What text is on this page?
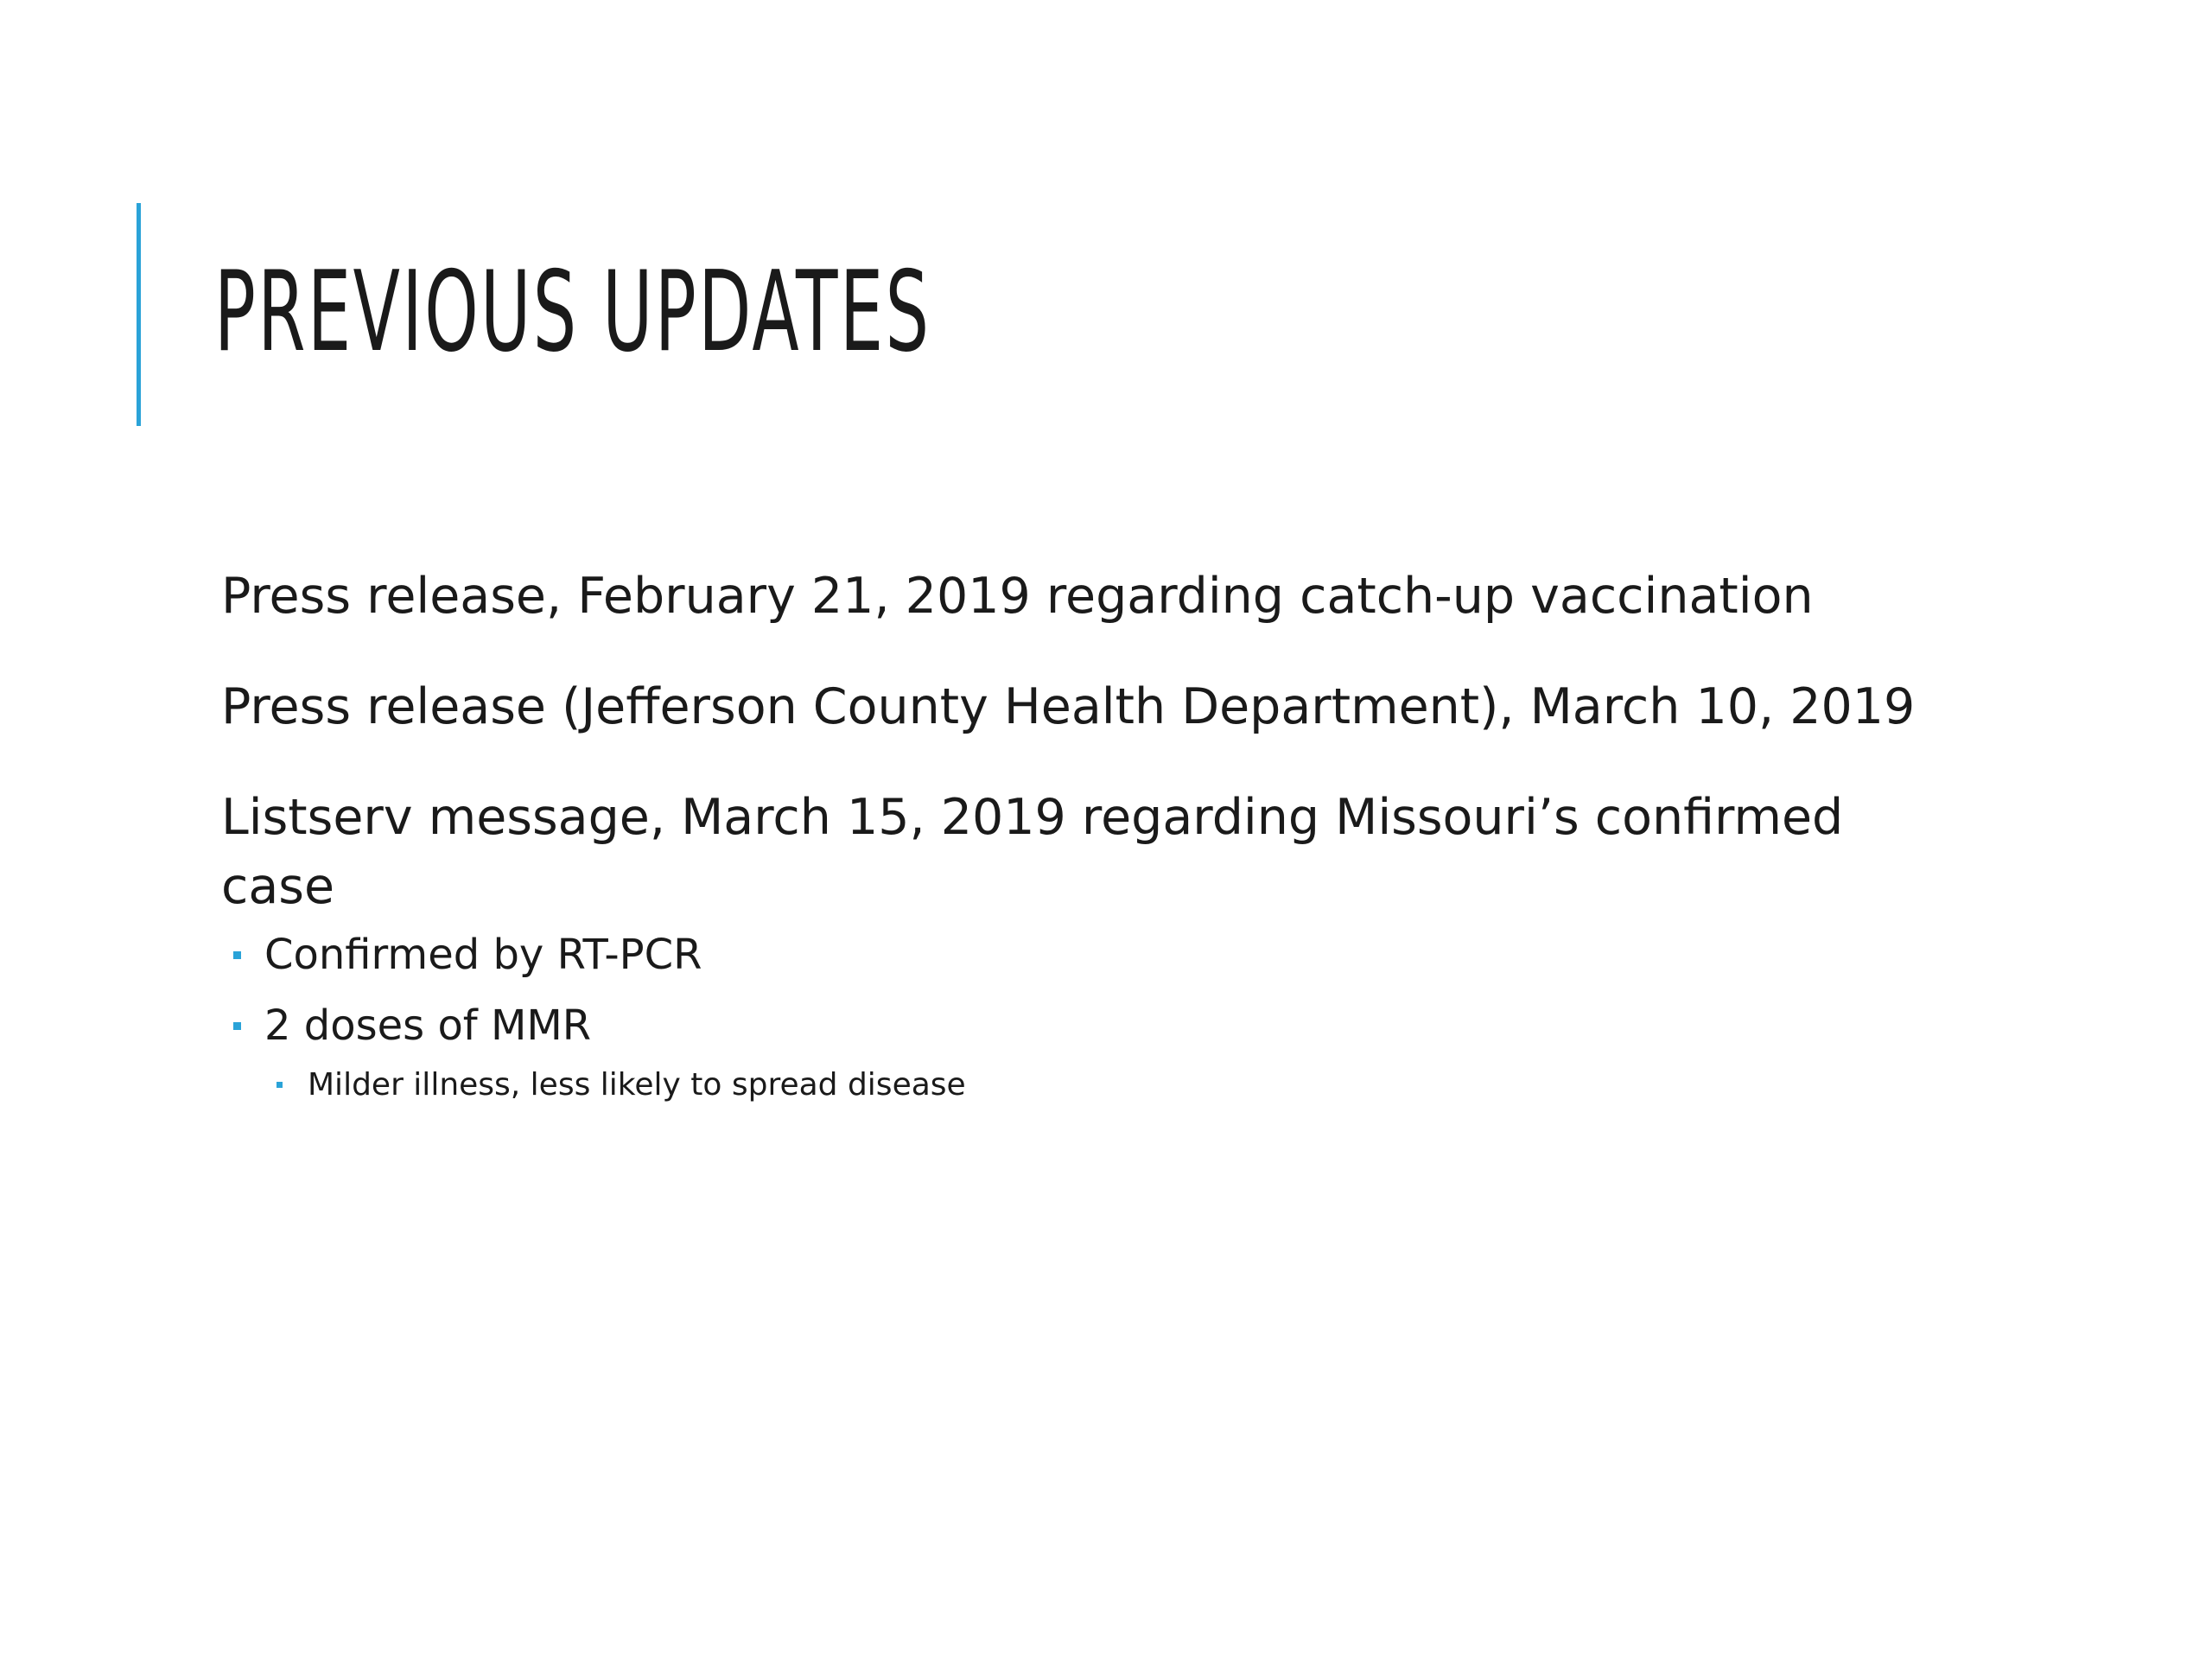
PREVIOUS UPDATES

Press release, February 21, 2019 regarding catch-up vaccination

Press release (Jefferson County Health Department), March 10, 2019

Listserv message, March 15, 2019 regarding Missouri’s confirmed case

Confirmed by RT-PCR
2 doses of MMR
Milder illness, less likely to spread disease
